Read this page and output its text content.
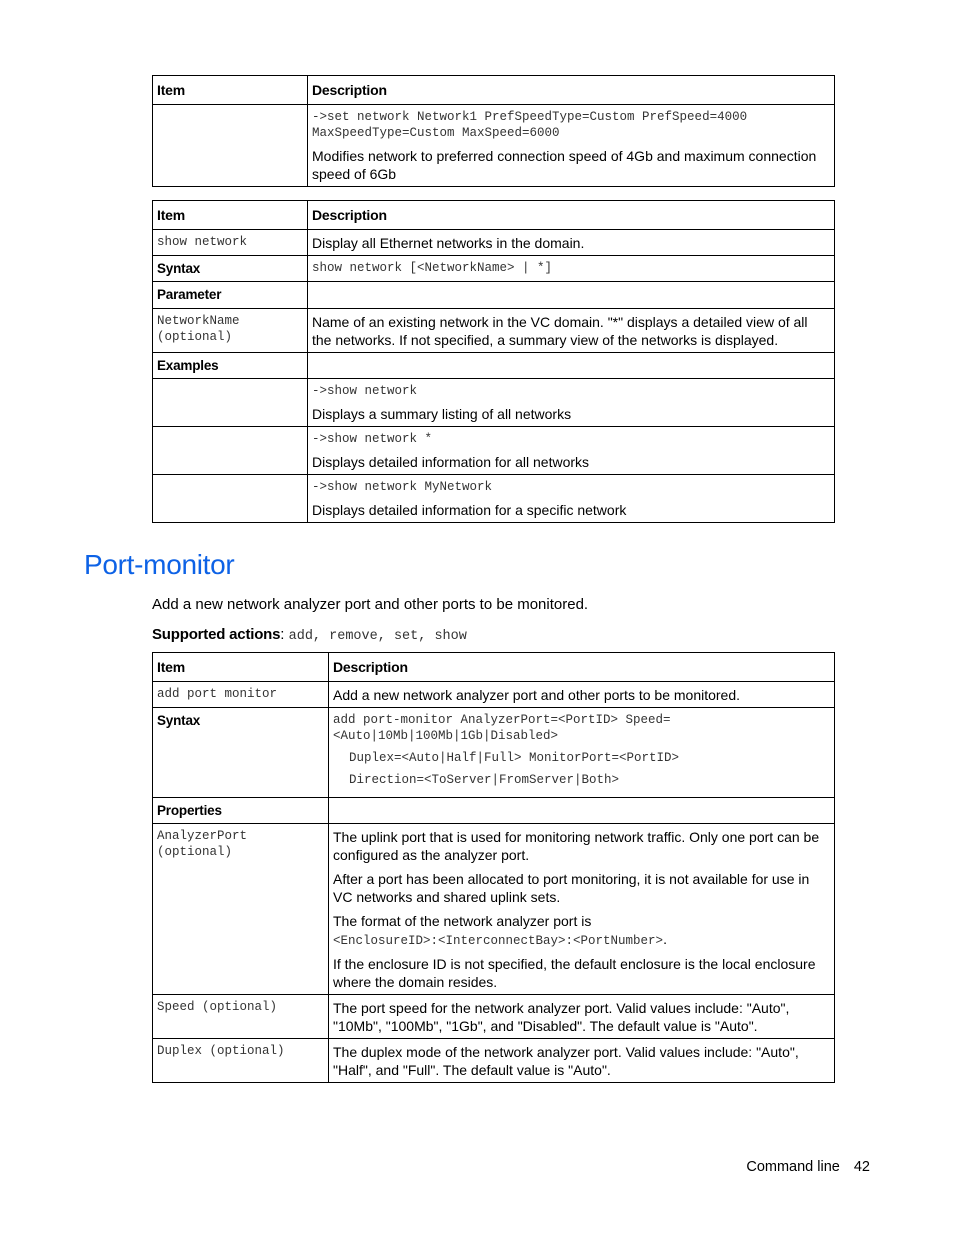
Item	Description

	->set network Network1 PrefSpeedType=Custom PrefSpeed=4000 MaxSpeedType=Custom MaxSpeed=6000
Modifies network to preferred connection speed of 4Gb and maximum connection speed of 6Gb
Item	Description
show network	Display all Ethernet networks in the domain.
Syntax	show network [<NetworkName> | *]
Parameter	
NetworkName (optional)	Name of an existing network in the VC domain. "*" displays a detailed view of all the networks. If not specified, a summary view of the networks is displayed.
Examples	

	->show network
Displays a summary listing of all networks

	->show network *
Displays detailed information for all networks

	->show network MyNetwork
Displays detailed information for a specific network
Port-monitor

Add a new network analyzer port and other ports to be monitored.

Supported actions: add, remove, set, show

Item	Description
add port monitor	Add a new network analyzer port and other ports to be monitored.
Syntax	add port-monitor AnalyzerPort=<PortID> Speed=<Auto|10Mb|100Mb|1Gb|Disabled>
Duplex=<Auto|Half|Full> MonitorPort=<PortID>
Direction=<ToServer|FromServer|Both>

Properties	
AnalyzerPort (optional)	The uplink port that is used for monitoring network traffic. Only one port can be configured as the analyzer port.

After a port has been allocated to port monitoring, it is not available for use in VC networks and shared uplink sets.

The format of the network analyzer port is
<EnclosureID>:<InterconnectBay>:<PortNumber>.

If the enclosure ID is not specified, the default enclosure is the local enclosure where the domain resides.

Speed (optional)	The port speed for the network analyzer port. Valid values include: "Auto", "10Mb", "100Mb", "1Gb", and "Disabled". The default value is "Auto".
Duplex (optional)	The duplex mode of the network analyzer port. Valid values include: "Auto", "Half", and "Full". The default value is "Auto".
Command line 42
